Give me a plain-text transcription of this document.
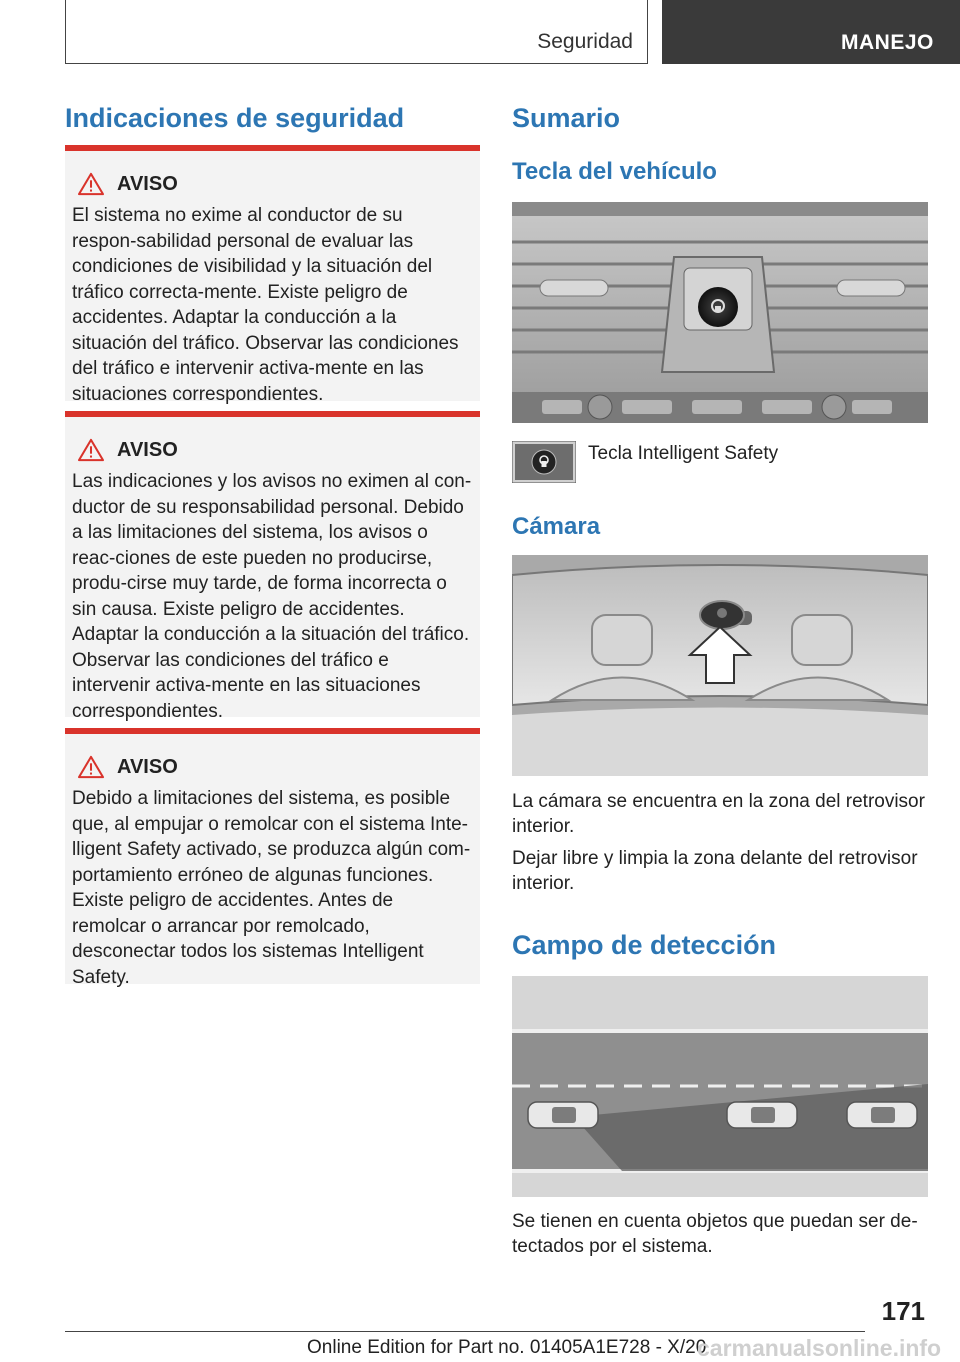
Seguridad	MANEJO
Indicaciones de seguridad
AVISO
El sistema no exime al conductor de su respon-sabilidad personal de evaluar las condiciones de visibilidad y la situación del tráfico correcta-mente. Existe peligro de accidentes. Adaptar la conducción a la situación del tráfico. Observar las condiciones del tráfico e intervenir activa-mente en las situaciones correspondientes.
AVISO
Las indicaciones y los avisos no eximen al con-ductor de su responsabilidad personal. Debido a las limitaciones del sistema, los avisos o reac-ciones de este pueden no producirse, produ-cirse muy tarde, de forma incorrecta o sin causa. Existe peligro de accidentes. Adaptar la conducción a la situación del tráfico. Observar las condiciones del tráfico e intervenir activa-mente en las situaciones correspondientes.
AVISO
Debido a limitaciones del sistema, es posible que, al empujar o remolcar con el sistema Inte-lligent Safety activado, se produzca algún com-portamiento erróneo de algunas funciones. Existe peligro de accidentes. Antes de remolcar o arrancar por remolcado, desconectar todos los sistemas Intelligent Safety.
Sumario
Tecla del vehículo
Tecla Intelligent Safety
Cámara
La cámara se encuentra en la zona del retrovisor interior.
Dejar libre y limpia la zona delante del retrovisor interior.
Campo de detección
Se tienen en cuenta objetos que puedan ser de-tectados por el sistema.
171
Online Edition for Part no. 01405A1E728 - X/20
carmanualsonline.info
